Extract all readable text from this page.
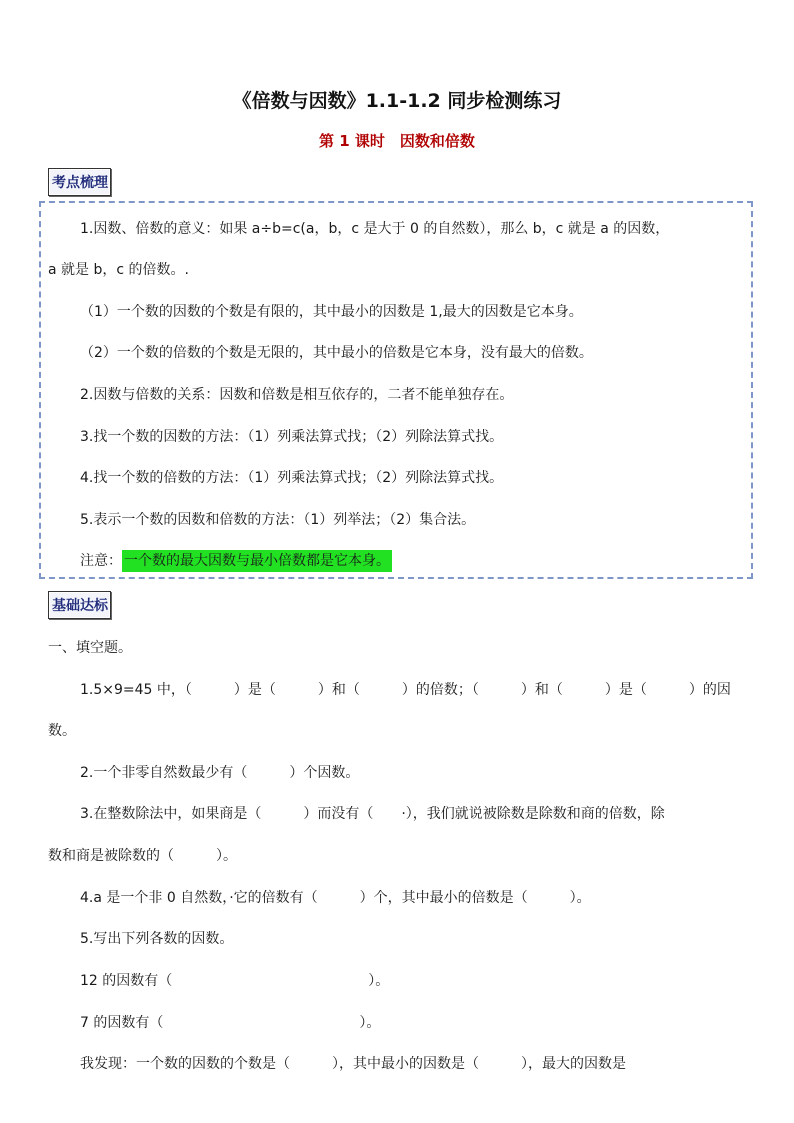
《倍数与因数》1.1-1.2 同步检测练习
第 1 课时　因数和倍数
考点梳理
1.因数、倍数的意义：如果 a÷b=c(a，b，c 是大于 0 的自然数），那么 b，c 就是 a 的因数，
a 就是 b，c 的倍数。.
（1）一个数的因数的个数是有限的，其中最小的因数是 1,最大的因数是它本身。
（2）一个数的倍数的个数是无限的，其中最小的倍数是它本身，没有最大的倍数。
2.因数与倍数的关系：因数和倍数是相互依存的，二者不能单独存在。
3.找一个数的因数的方法：（1）列乘法算式找；（2）列除法算式找。
4.找一个数的倍数的方法：（1）列乘法算式找；（2）列除法算式找。
5.表示一个数的因数和倍数的方法：（1）列举法；（2）集合法。
注意： 一个数的最大因数与最小倍数都是它本身。
基础达标
一、填空题。
1.5×9=45 中，（　　　）是（　　　）和（　　　）的倍数；（　　　）和（　　　）是（　　　）的因
数。
2.一个非零自然数最少有（　　　）个因数。
3.在整数除法中，如果商是（　　　）而没有（　　·），我们就说被除数是除数和商的倍数，除
数和商是被除数的（　　　）。
4.a 是一个非 0 自然数，·它的倍数有（　　　）个，其中最小的倍数是（　　　）。
5.写出下列各数的因数。
12 的因数有（　　　　　　　　　　　　　　）。
7 的因数有（　　　　　　　　　　　　　　）。
我发现：一个数的因数的个数是（　　　），其中最小的因数是（　　　），最大的因数是
